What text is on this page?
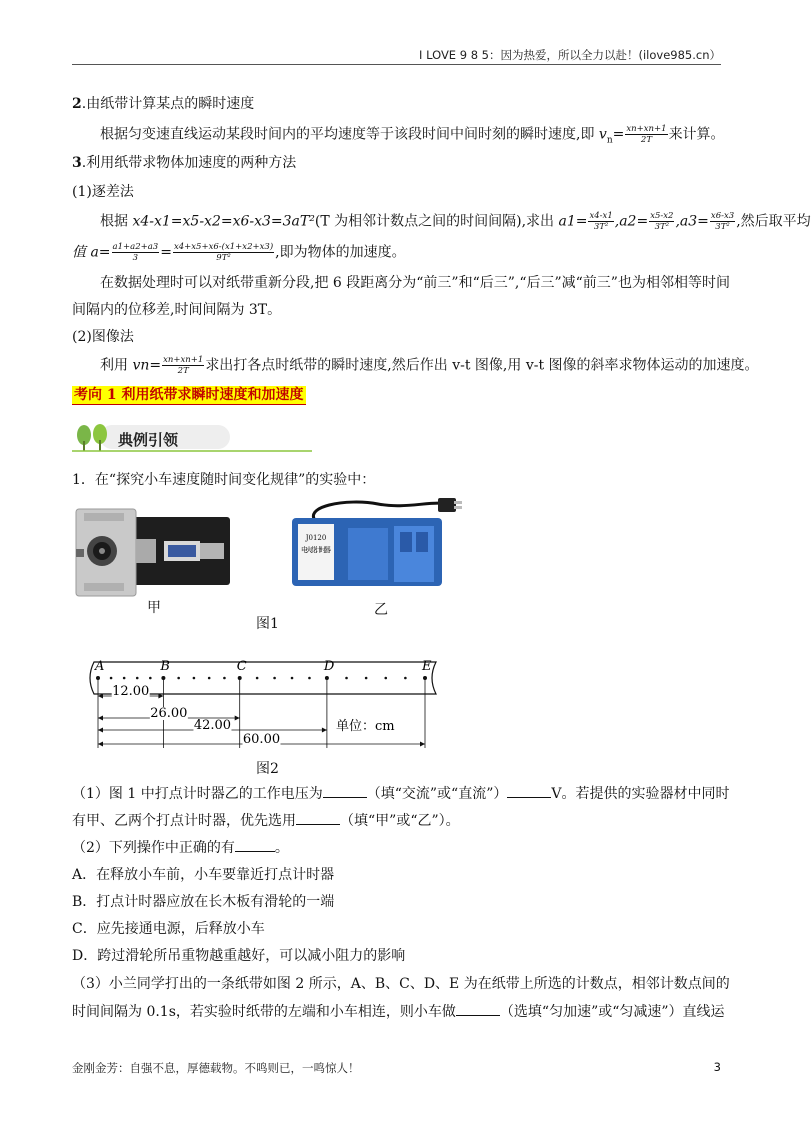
I LOVE 9 8 5：因为热爱，所以全力以赴！(ilove985.cn）
2.由纸带计算某点的瞬时速度
根据匀变速直线运动某段时间内的平均速度等于该段时间中间时刻的瞬时速度,即 $v_n= \frac{xn+xn+1}{2T}$ 来计算。
3.利用纸带求物体加速度的两种方法
(1)逐差法
根据 x4-x1=x5-x2=x6-x3=3aT²(T 为相邻计数点之间的时间间隔),求出 $a1= \frac{x4-x1}{\text{3T²}} ,a2= \frac{x5-x2}{\text{3T²}} ,a3= \frac{x6-x3}{\text{3T²}}$ ,然后取平均
值 $a= \frac{a1+a2+a3}{3} = \frac{x4+x5+x6-(x1+x2+x3)}{\text{9T²}}$ ,即为物体的加速度。
在数据处理时可以对纸带重新分段,把 6 段距离分为“前三”和“后三”,“后三”减“前三”也为相邻相等时间
间隔内的位移差,时间间隔为 3T。
(2)图像法
利用 $vn= \frac{xn+xn+1}{2T}$ 求出打各点时纸带的瞬时速度,然后作出 v-t 图像,用 v-t 图像的斜率求物体运动的加速度。
考向 1 利用纸带求瞬时速度和加速度
典例引领
1．在“探究小车速度随时间变化规律”的实验中：
J0120
电火花计时器
甲	乙
图1
A	B	C	D	E
12.00
26.00
42.00
60.00
单位：cm
图2
（1）图 1 中打点计时器乙的工作电压为	（填“交流”或“直流”）	V。若提供的实验器材中同时
有甲、乙两个打点计时器，优先选用	（填“甲”或“乙”）。
（2）下列操作中正确的有	。
A．在释放小车前，小车要靠近打点计时器
B．打点计时器应放在长木板有滑轮的一端
C．应先接通电源，后释放小车
D．跨过滑轮所吊重物越重越好，可以减小阻力的影响
（3）小兰同学打出的一条纸带如图 2 所示，A、B、C、D、E 为在纸带上所选的计数点，相邻计数点间的
时间间隔为 0.1s，若实验时纸带的左端和小车相连，则小车做	（选填“匀加速”或“匀减速”）直线运
金刚金芳：自强不息，厚德载物。不鸣则已，一鸣惊人！	3
